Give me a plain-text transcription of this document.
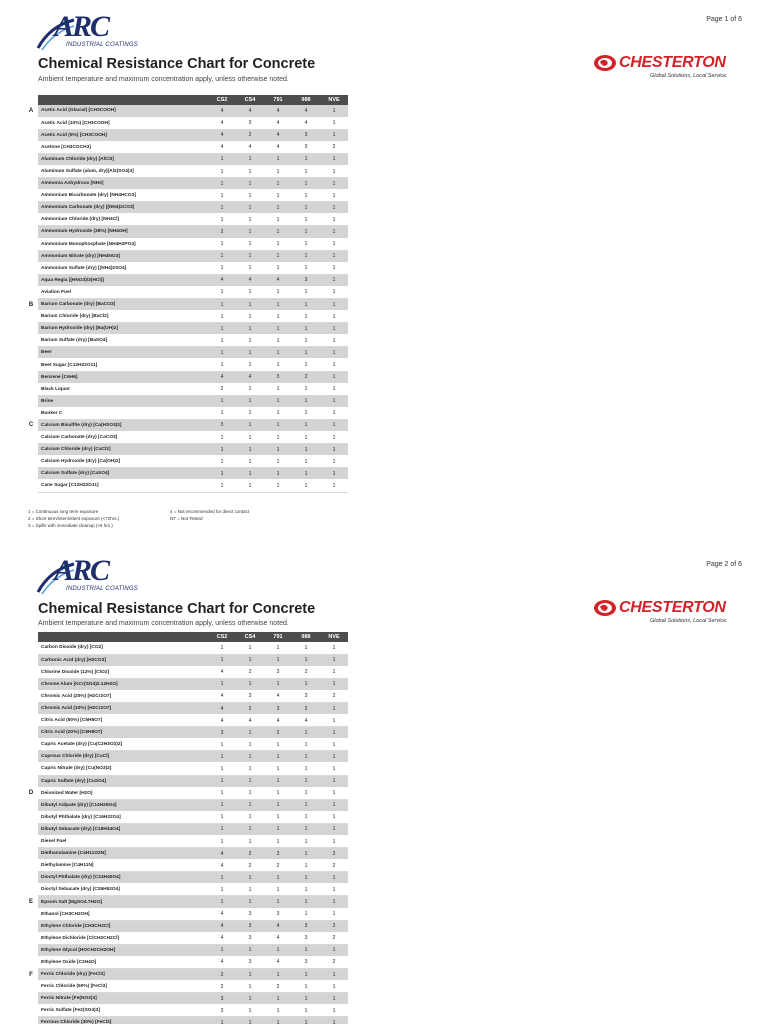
ARC
INDUSTRIAL COATINGS
Page 1 of 6
Chemical Resistance Chart for Concrete
Ambient temperature and maximum concentration apply, unless otherwise noted.
CHESTERTON
Global Solutions, Local Service.
		CS2	CS4	791	988	NVE
A	Acetic Acid (Glacial) [CH3COOH]	4	4	4	4	1
	Acetic Acid (10%) [CH3COOH]	4	3	4	4	1
	Acetic Acid (5%) [CH3COOH]	4	2	4	3	1
	Acetone [CH3COCH3]	4	4	4	3	2
	Aluminum Chloride (dry) [AlCl3]	1	1	1	1	1
	Aluminum Sulfate (alum, dry)[Al2(SO4)3]	1	1	1	1	1
	Ammonia Anhydrous [NH3]	1	1	1	1	1
	Ammonium Bicarbonate (dry) [NH4HCO3]	1	1	1	1	1
	Ammonium Carbonate (dry) [(NH4)2CO3]	1	1	1	1	1
	Ammonium Chloride (dry) [NH4Cl]	1	1	1	1	1
	Ammonium Hydroxide (28%) [NH4OH]	2	1	1	1	1
	Ammonium Monophosphate [NH4H2PO4]	1	1	1	1	1
	Ammonium Nitrate (dry) [NH4NO3]	1	1	1	1	1
	Ammonium Sulfate (dry) [(NH4)2SO4]	1	1	1	1	1
	Aqua Regia [(HNO3)/3(HCl)]	4	4	4	3	1
	Aviation Fuel	1	1	1	1	1
B	Barium Carbonate (dry) [BaCO3]	1	1	1	1	1
	Barium Chloride (dry) [BaCl2]	1	1	1	1	1
	Barium Hydroxide (dry) [Ba(OH)2]	1	1	1	1	1
	Barium Sulfate (dry) [BaSO4]	1	1	1	1	1
	Beer	1	1	1	1	1
	Beet Sugar [C12H22O11]	1	1	1	1	1
	Benzene [C6H6]	4	4	3	2	1
	Black Liquor	2	1	1	1	1
	Brine	1	1	1	1	1
	Bunker C	1	1	1	1	1
C	Calcium Bisulfite (dry) [Ca(HSO3)2]	3	1	1	1	1
	Calcium Carbonate (dry) [CaCO3]	1	1	1	1	1
	Calcium Chloride (dry) [CaCl2]	1	1	1	1	1
	Calcium Hydroxide (dry) [Ca(OH)2]	1	1	1	1	1
	Calcium Sulfate (dry) [CaSO4]	1	1	1	1	1
	Cane Sugar [C12H22O11]	1	1	1	1	1
1 = Continuous long term exposure
2 = Short term/intermittent exposure (<72hrs.)
3 = Spills with immediate cleanup (<8 hrs.)
4 = Not recommended for direct contact
NT = Not Tested
ARC
INDUSTRIAL COATINGS
Page 2 of 6
Chemical Resistance Chart for Concrete
Ambient temperature and maximum concentration apply, unless otherwise noted.
CHESTERTON
Global Solutions, Local Service.
		CS2	CS4	791	988	NVE
	Carbon Dioxide (dry) [CO2]	1	1	1	1	1
	Carbonic Acid (dry) [H2CO3]	1	1	1	1	1
	Chlorine Dioxide (12%) [ClO2]	4	2	3	2	1
	Chrome Alum [KCr(SO4)2.12H2O]	1	1	1	1	1
	Chromic Acid (20%) [H2Cr2O7]	4	3	4	3	2
	Chromic Acid (10%) [H2Cr2O7]	4	2	3	2	1
	Citric Acid (50%) [C6H8O7]	4	4	4	4	1
	Citric Acid (20%) [C6H8O7]	3	1	2	1	1
	Cupric Acetate (dry) [Cu(C2H3O2)2]	1	1	1	1	1
	Cuprous Chloride (dry) [CuCl]	1	1	1	1	1
	Cupric Nitrate (dry) [Cu(NO3)2]	1	1	1	1	1
	Cupric Sulfate (dry) [CuSO4]	1	1	1	1	1
D	Deionized Water [H2O]	1	1	1	1	1
	Dibutyl Adipate (dry) [C14H26O4]	1	1	1	1	1
	Dibutyl Phthalate (dry) [C16H22O4]	1	1	1	1	1
	Dibutyl Sebacate (dry) [C18H34O4]	1	1	1	1	1
	Diesel Fuel	1	1	1	1	1
	Diethanolamine [C4H11O2N]	4	2	3	1	2
	Diethylamine [C4H11N]	4	2	2	1	2
	Dioctyl Phthalate (dry) [C24H40O4]	1	1	1	1	1
	Dioctyl Sebacate (dry) [C26H52O4]	1	1	1	1	1
E	Epsom Salt [MgSO4.7H2O]	1	1	1	1	1
	Ethanol [CH3CH2OH]	4	3	3	1	1
	Ethylene Chloride [CH3CH2Cl]	4	3	4	3	2
	Ethylene Dichloride [ClCH2CH2Cl]	4	3	4	3	2
	Ethylene Glycol [HOCH2CH2OH]	1	1	1	1	1
	Ethylene Oxide [C2H4O]	4	3	4	3	2
F	Ferric Chloride (dry) [FeCl3]	2	1	1	1	1
	Ferric Chloride (50%) [FeCl3]	2	1	2	1	1
	Ferric Nitrate [Fe(NO3)3]	3	1	1	1	1
	Ferric Sulfate [Fe2(SO4)3]	3	1	1	1	1
	Ferrous Chloride (30%) [FeCl2]	1	1	1	1	1
